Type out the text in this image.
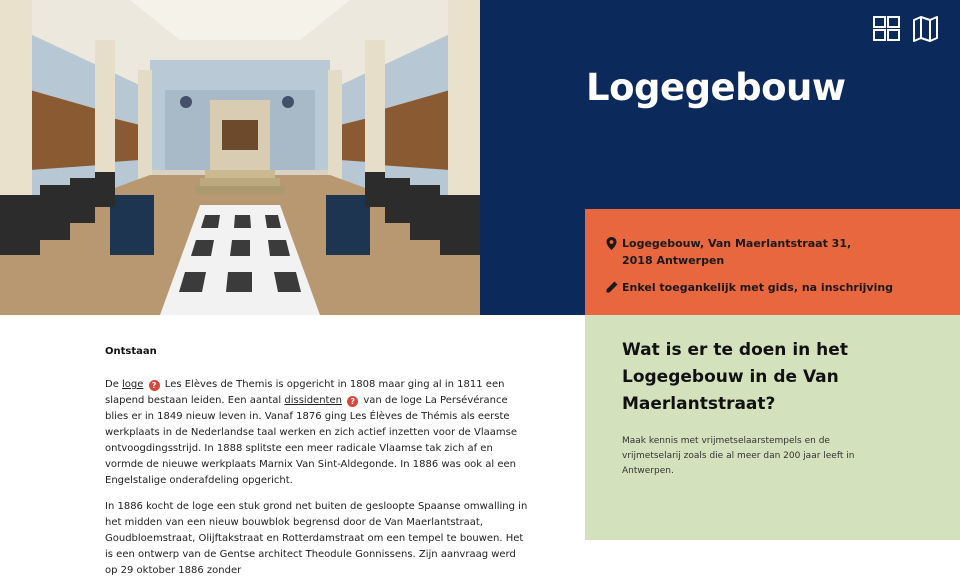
Logegebouw
Logegebouw, Van Maerlantstraat 31, 2018 Antwerpen
Enkel toegankelijk met gids, na inschrijving
Wat is er te doen in het Logegebouw in de Van Maerlantstraat?

Maak kennis met vrijmetselaarstempels en de vrijmetselarij zoals die al meer dan 200 jaar leeft in Antwerpen.

Ontstaan

De loge ? Les Elèves de Themis is opgericht in 1808 maar ging al in 1811 een slapend bestaan leiden. Een aantal dissidenten ? van de loge La Persévérance blies er in 1849 nieuw leven in. Vanaf 1876 ging Les Élèves de Thémis als eerste werkplaats in de Nederlandse taal werken en zich actief inzetten voor de Vlaamse ontvoogdingsstrijd. In 1888 splitste een meer radicale Vlaamse tak zich af en vormde de nieuwe werkplaats Marnix Van Sint-Aldegonde. In 1886 was ook al een Engelstalige onderafdeling opgericht.

In 1886 kocht de loge een stuk grond net buiten de gesloopte Spaanse omwalling in het midden van een nieuw bouwblok begrensd door de Van Maerlantstraat, Goudbloemstraat, Olijftakstraat en Rotterdamstraat om een tempel te bouwen. Het is een ontwerp van de Gentse architect Theodule Gonnissens. Zijn aanvraag werd op 29 oktober 1886 zonder
